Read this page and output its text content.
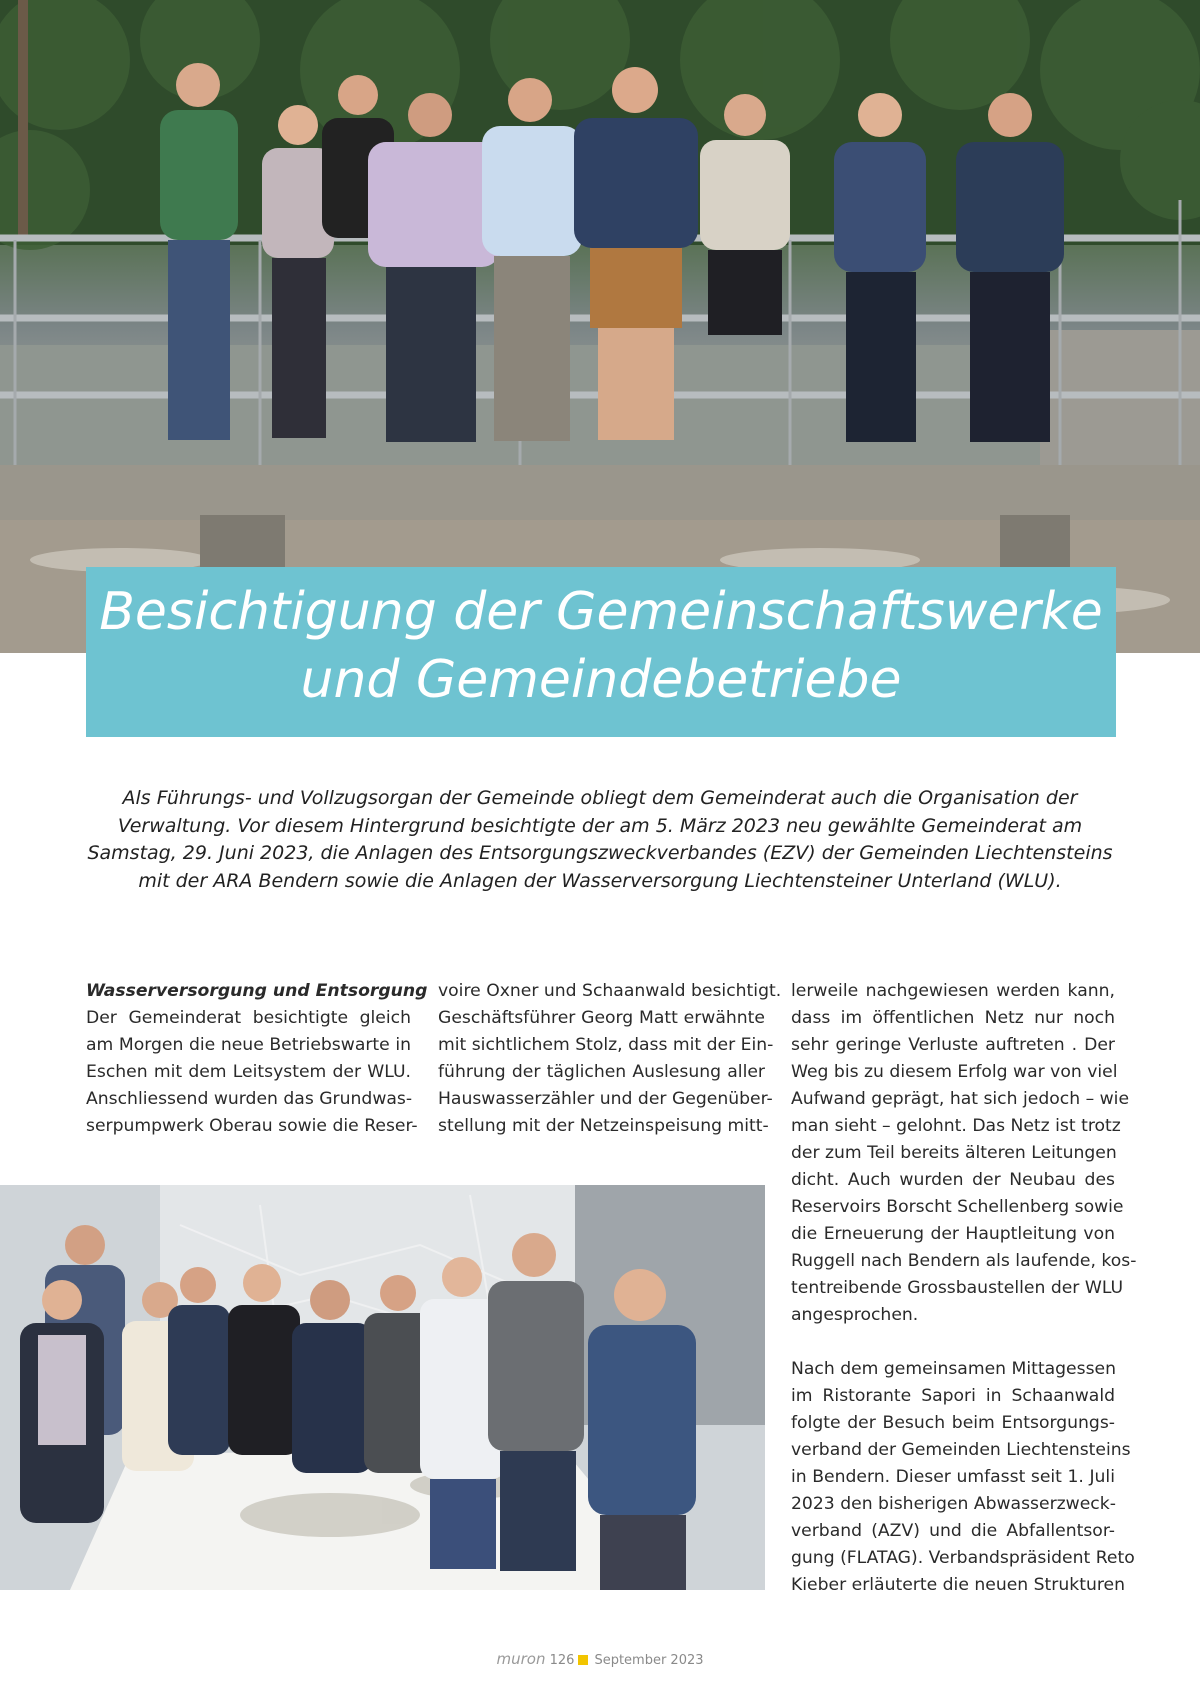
Besichtigung der Gemeinschaftswerke
und Gemeindebetriebe
Als Führungs- und Vollzugsorgan der Gemeinde obliegt dem Gemeinderat auch die Organisation der
Verwaltung. Vor diesem Hintergrund besichtigte der am 5. März 2023 neu gewählte Gemeinderat am
Samstag, 29. Juni 2023, die Anlagen des Entsorgungszweckverbandes (EZV) der Gemeinden Liechtensteins
mit der ARA Bendern sowie die Anlagen der Wasserversorgung Liechtensteiner Unterland (WLU).
Wasserversorgung und Entsorgung
Der Gemeinderat besichtigte gleich
am Morgen die neue Betriebswarte in
Eschen mit dem Leitsystem der WLU.
Anschliessend wurden das Grundwas-
serpumpwerk Oberau sowie die Reser-
voire Oxner und Schaanwald besichtigt.
Geschäftsführer Georg Matt erwähnte
mit sichtlichem Stolz, dass mit der Ein-
führung der täglichen Auslesung aller
Hauswasserzähler und der Gegenüber-
stellung mit der Netzeinspeisung mitt-
lerweile nachgewiesen werden kann,
dass im öffentlichen Netz nur noch
sehr geringe Verluste auftreten . Der
Weg bis zu diesem Erfolg war von viel
Aufwand geprägt, hat sich jedoch – wie
man sieht – gelohnt. Das Netz ist trotz
der zum Teil bereits älteren Leitungen
dicht. Auch wurden der Neubau des
Reservoirs Borscht Schellenberg sowie
die Erneuerung der Hauptleitung von
Ruggell nach Bendern als laufende, kos-
tentreibende Grossbaustellen der WLU
angesprochen.
Nach dem gemeinsamen Mittagessen
im Ristorante Sapori in Schaanwald
folgte der Besuch beim Entsorgungs-
verband der Gemeinden Liechtensteins
in Bendern. Dieser umfasst seit 1. Juli
2023 den bisherigen Abwasserzweck-
verband (AZV) und die Abfallentsor-
gung (FLATAG). Verbandspräsident Reto
Kieber erläuterte die neuen Strukturen
muron 126 September 2023
